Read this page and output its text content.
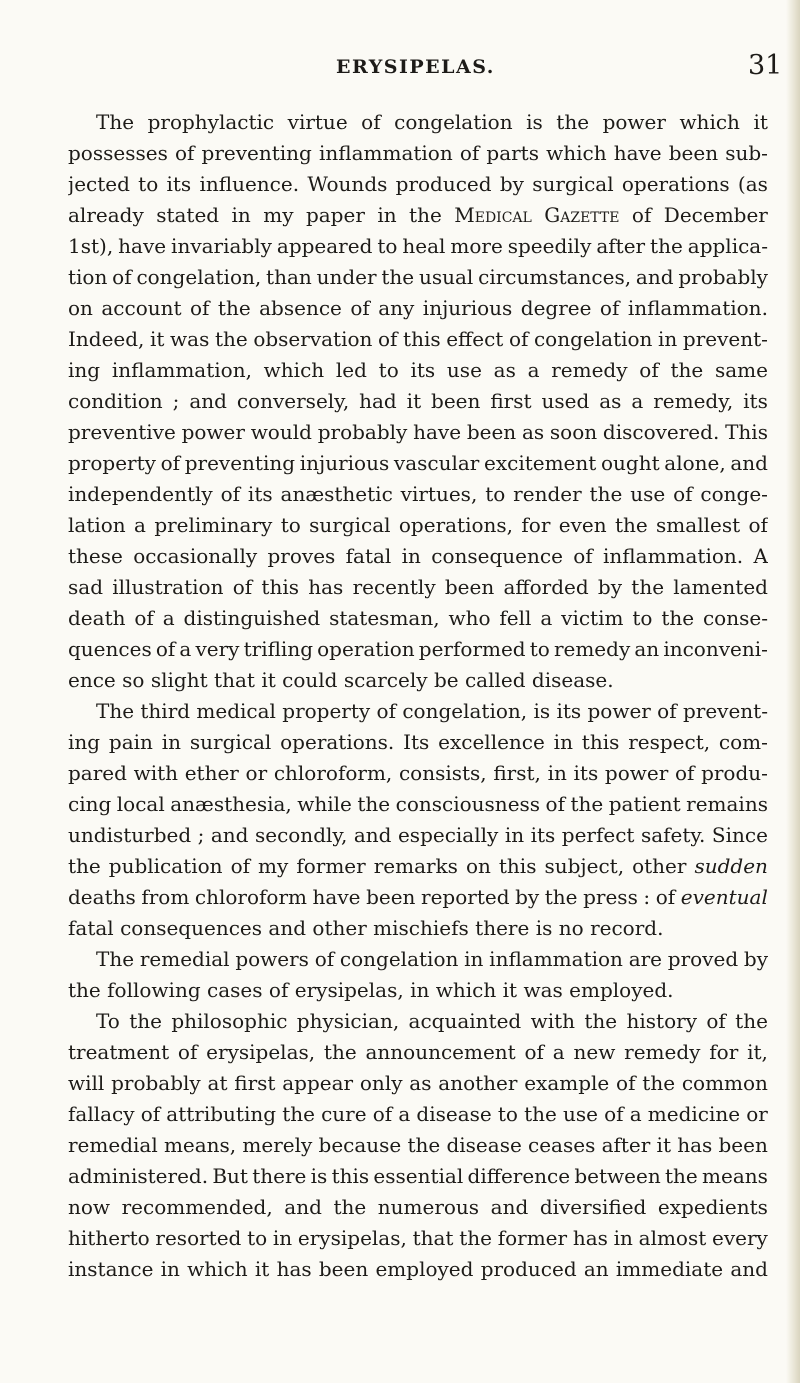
ERYSIPELAS.	31
The prophylactic virtue of congelation is the power which it
possesses of preventing inflammation of parts which have been sub-
jected to its influence. Wounds produced by surgical operations (as
already stated in my paper in the Medical Gazette of December
1st), have invariably appeared to heal more speedily after the applica-
tion of congelation, than under the usual circumstances, and probably
on account of the absence of any injurious degree of inflammation.
Indeed, it was the observation of this effect of congelation in prevent-
ing inflammation, which led to its use as a remedy of the same
condition ; and conversely, had it been first used as a remedy, its
preventive power would probably have been as soon discovered. This
property of preventing injurious vascular excitement ought alone, and
independently of its anæsthetic virtues, to render the use of conge-
lation a preliminary to surgical operations, for even the smallest of
these occasionally proves fatal in consequence of inflammation. A
sad illustration of this has recently been afforded by the lamented
death of a distinguished statesman, who fell a victim to the conse-
quences of a very trifling operation performed to remedy an inconveni-
ence so slight that it could scarcely be called disease.
The third medical property of congelation, is its power of prevent-
ing pain in surgical operations. Its excellence in this respect, com-
pared with ether or chloroform, consists, first, in its power of produ-
cing local anæsthesia, while the consciousness of the patient remains
undisturbed ; and secondly, and especially in its perfect safety. Since
the publication of my former remarks on this subject, other sudden
deaths from chloroform have been reported by the press : of eventual
fatal consequences and other mischiefs there is no record.
The remedial powers of congelation in inflammation are proved by
the following cases of erysipelas, in which it was employed.
To the philosophic physician, acquainted with the history of the
treatment of erysipelas, the announcement of a new remedy for it,
will probably at first appear only as another example of the common
fallacy of attributing the cure of a disease to the use of a medicine or
remedial means, merely because the disease ceases after it has been
administered. But there is this essential difference between the means
now recommended, and the numerous and diversified expedients
hitherto resorted to in erysipelas, that the former has in almost every
instance in which it has been employed produced an immediate and
